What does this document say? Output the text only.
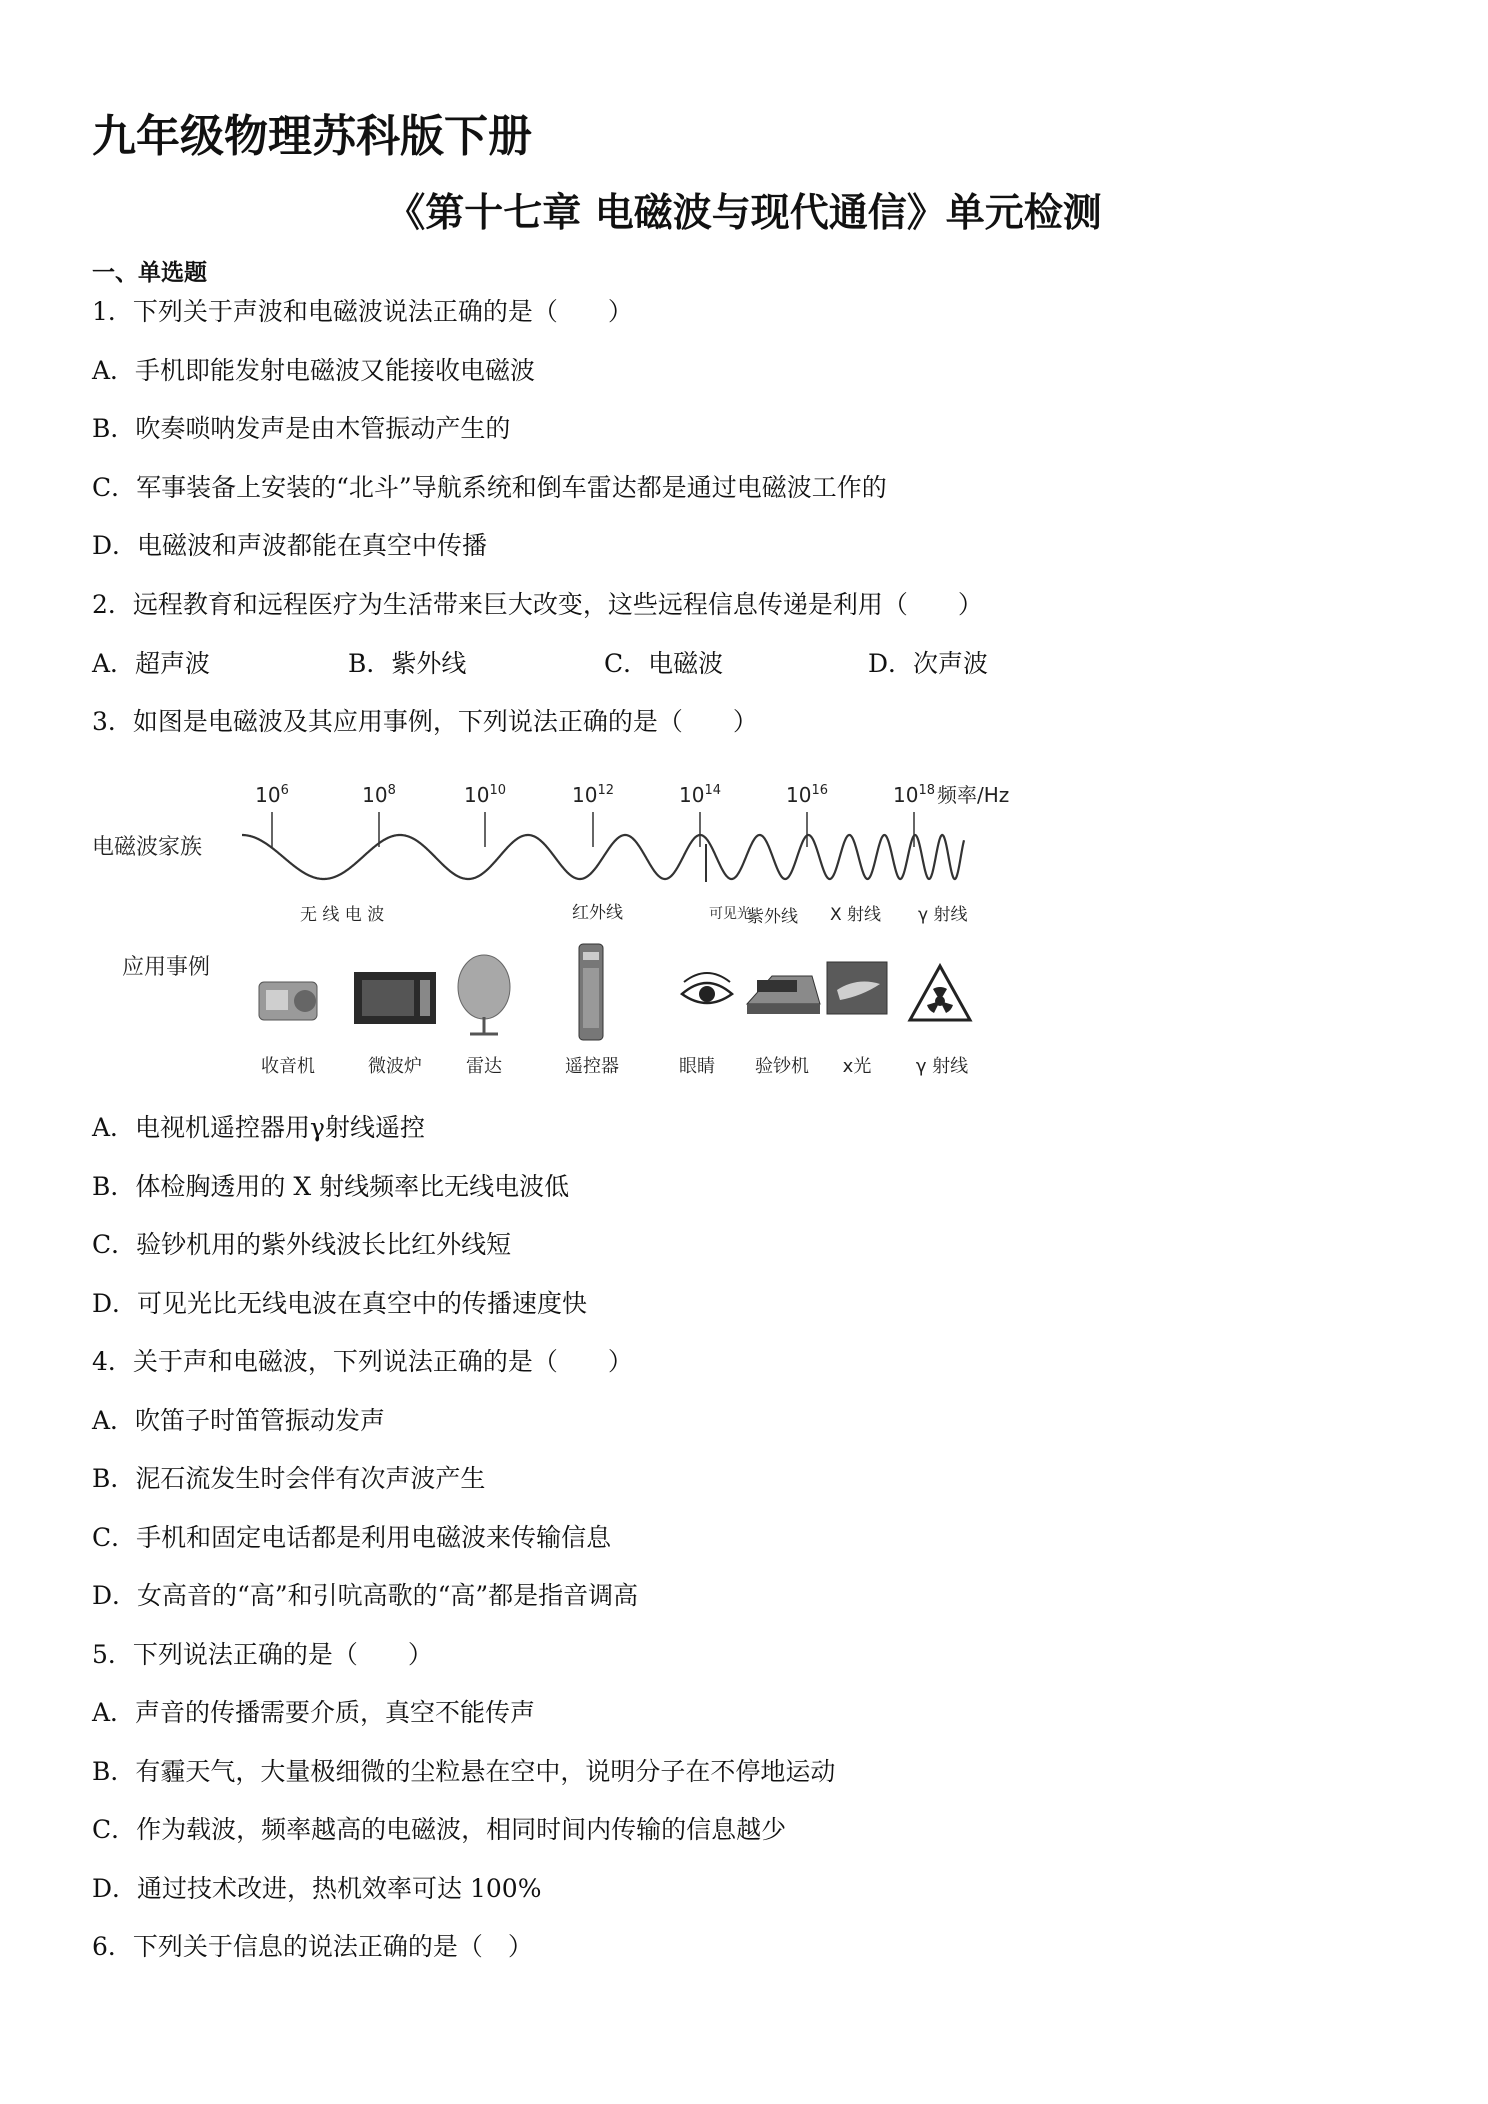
九年级物理苏科版下册
《第十七章 电磁波与现代通信》单元检测
一、单选题
1．下列关于声波和电磁波说法正确的是（　　）
A．手机即能发射电磁波又能接收电磁波
B．吹奏唢呐发声是由木管振动产生的
C．军事装备上安装的“北斗”导航系统和倒车雷达都是通过电磁波工作的
D．电磁波和声波都能在真空中传播
2．远程教育和远程医疗为生活带来巨大改变，这些远程信息传递是利用（　　）
A．超声波	B．紫外线	C．电磁波	D．次声波
3．如图是电磁波及其应用事例，下列说法正确的是（　　）
$10^6$	$10^8$	$10^{10}$	$10^{12}$	$10^{14}$	$10^{16}$	$10^{18}$ 频率/Hz
电磁波家族
无 线 电 波	红外线	可见光
紫外线 X 射线 γ 射线
应用事例
收音机	微波炉 雷达	遥控器	眼睛 验钞机 x光 γ 射线
A．电视机遥控器用γ射线遥控
B．体检胸透用的 X 射线频率比无线电波低
C．验钞机用的紫外线波长比红外线短
D．可见光比无线电波在真空中的传播速度快
4．关于声和电磁波，下列说法正确的是（　　）
A．吹笛子时笛管振动发声
B．泥石流发生时会伴有次声波产生
C．手机和固定电话都是利用电磁波来传输信息
D．女高音的“高”和引吭高歌的“高”都是指音调高
5．下列说法正确的是（　　）
A．声音的传播需要介质，真空不能传声
B．有霾天气，大量极细微的尘粒悬在空中，说明分子在不停地运动
C．作为载波，频率越高的电磁波，相同时间内传输的信息越少
D．通过技术改进，热机效率可达 100%
6．下列关于信息的说法正确的是（　）
